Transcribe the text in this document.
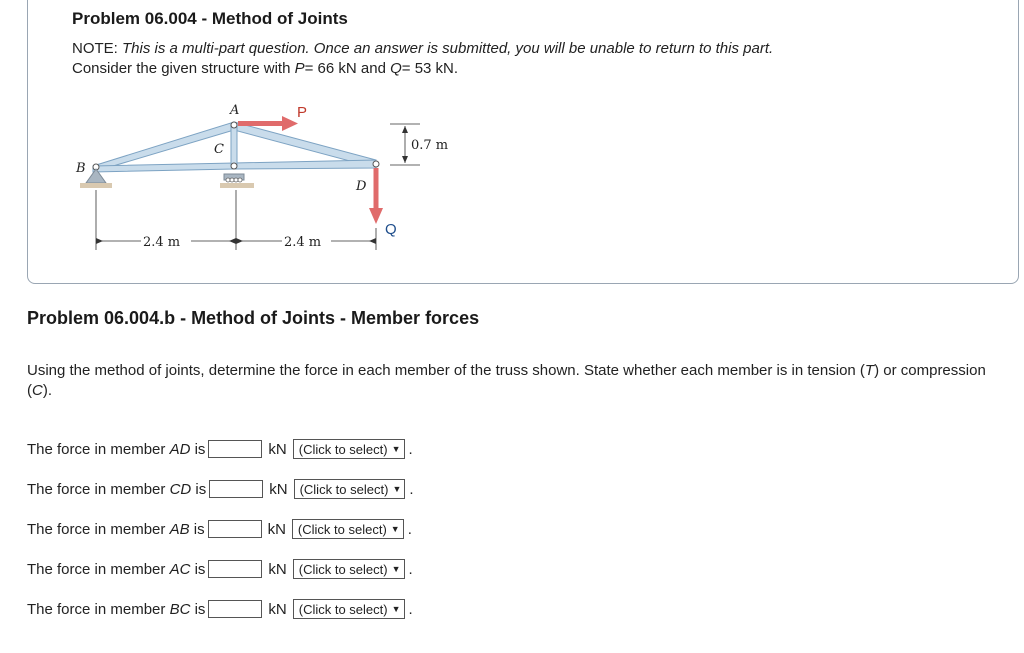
Problem 06.004 - Method of Joints
NOTE: This is a multi-part question. Once an answer is submitted, you will be unable to return to this part.
Consider the given structure with P= 66 kN and Q= 53 kN.
A
B
C
D
2.4 m	2.4 m
0.7 m
P
Q
Problem 06.004.b - Method of Joints - Member forces
Using the method of joints, determine the force in each member of the truss shown. State whether each member is in tension (T) or compression (C).
The force in member AD is	kN (Click to select) ▼ .
The force in member CD is	kN (Click to select) ▼ .
The force in member AB is	kN (Click to select) ▼ .
The force in member AC is	kN (Click to select) ▼ .
The force in member BC is	kN (Click to select) ▼ .
